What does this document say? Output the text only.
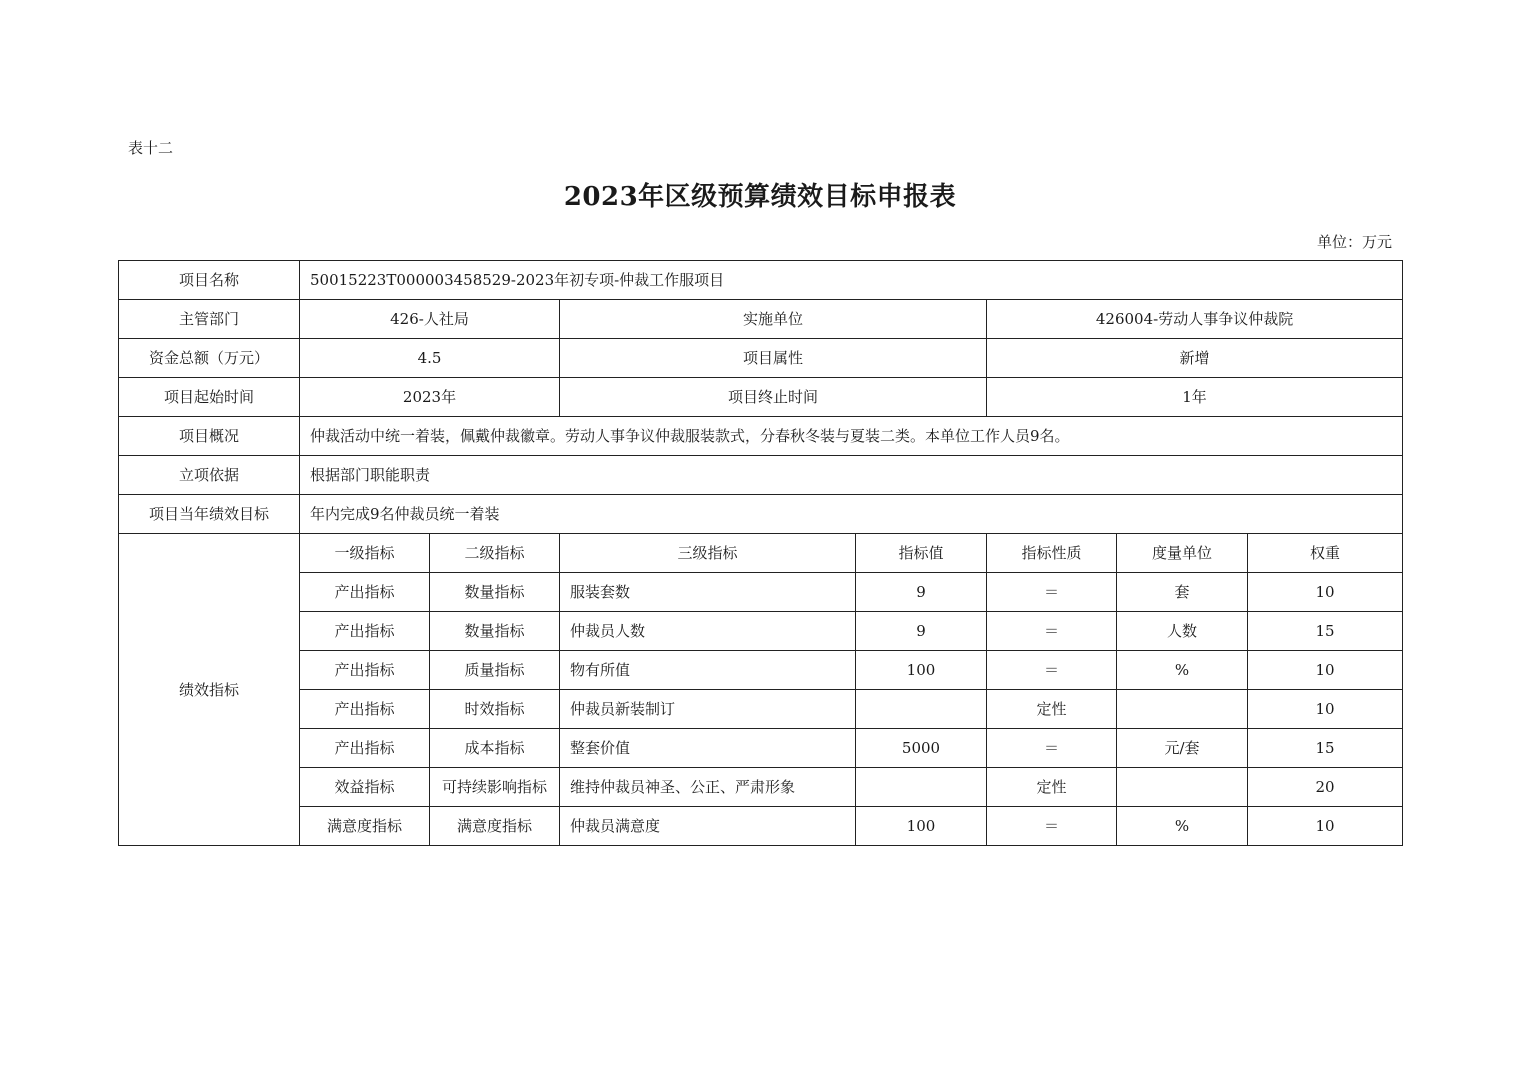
表十二
2023年区级预算绩效目标申报表
单位：万元
项目名称	50015223T000003458529-2023年初专项-仲裁工作服项目						
主管部门	426-人社局		实施单位		426004-劳动人事争议仲裁院		
资金总额（万元）	4.5		项目属性		新增		
项目起始时间	2023年		项目终止时间		1年		
项目概况	仲裁活动中统一着装，佩戴仲裁徽章。劳动人事争议仲裁服装款式，分春秋冬装与夏装二类。本单位工作人员9名。						
立项依据	根据部门职能职责						
项目当年绩效目标	年内完成9名仲裁员统一着装						
绩效指标	一级指标	二级指标	三级指标	指标值	指标性质	度量单位	权重
	产出指标	数量指标	服装套数	9	＝	套	10
	产出指标	数量指标	仲裁员人数	9	＝	人数	15
	产出指标	质量指标	物有所值	100	＝	%	10
	产出指标	时效指标	仲裁员新装制订		定性		10
	产出指标	成本指标	整套价值	5000	＝	元/套	15
	效益指标	可持续影响指标	维持仲裁员神圣、公正、严肃形象		定性		20
	满意度指标	满意度指标	仲裁员满意度	100	＝	%	10
